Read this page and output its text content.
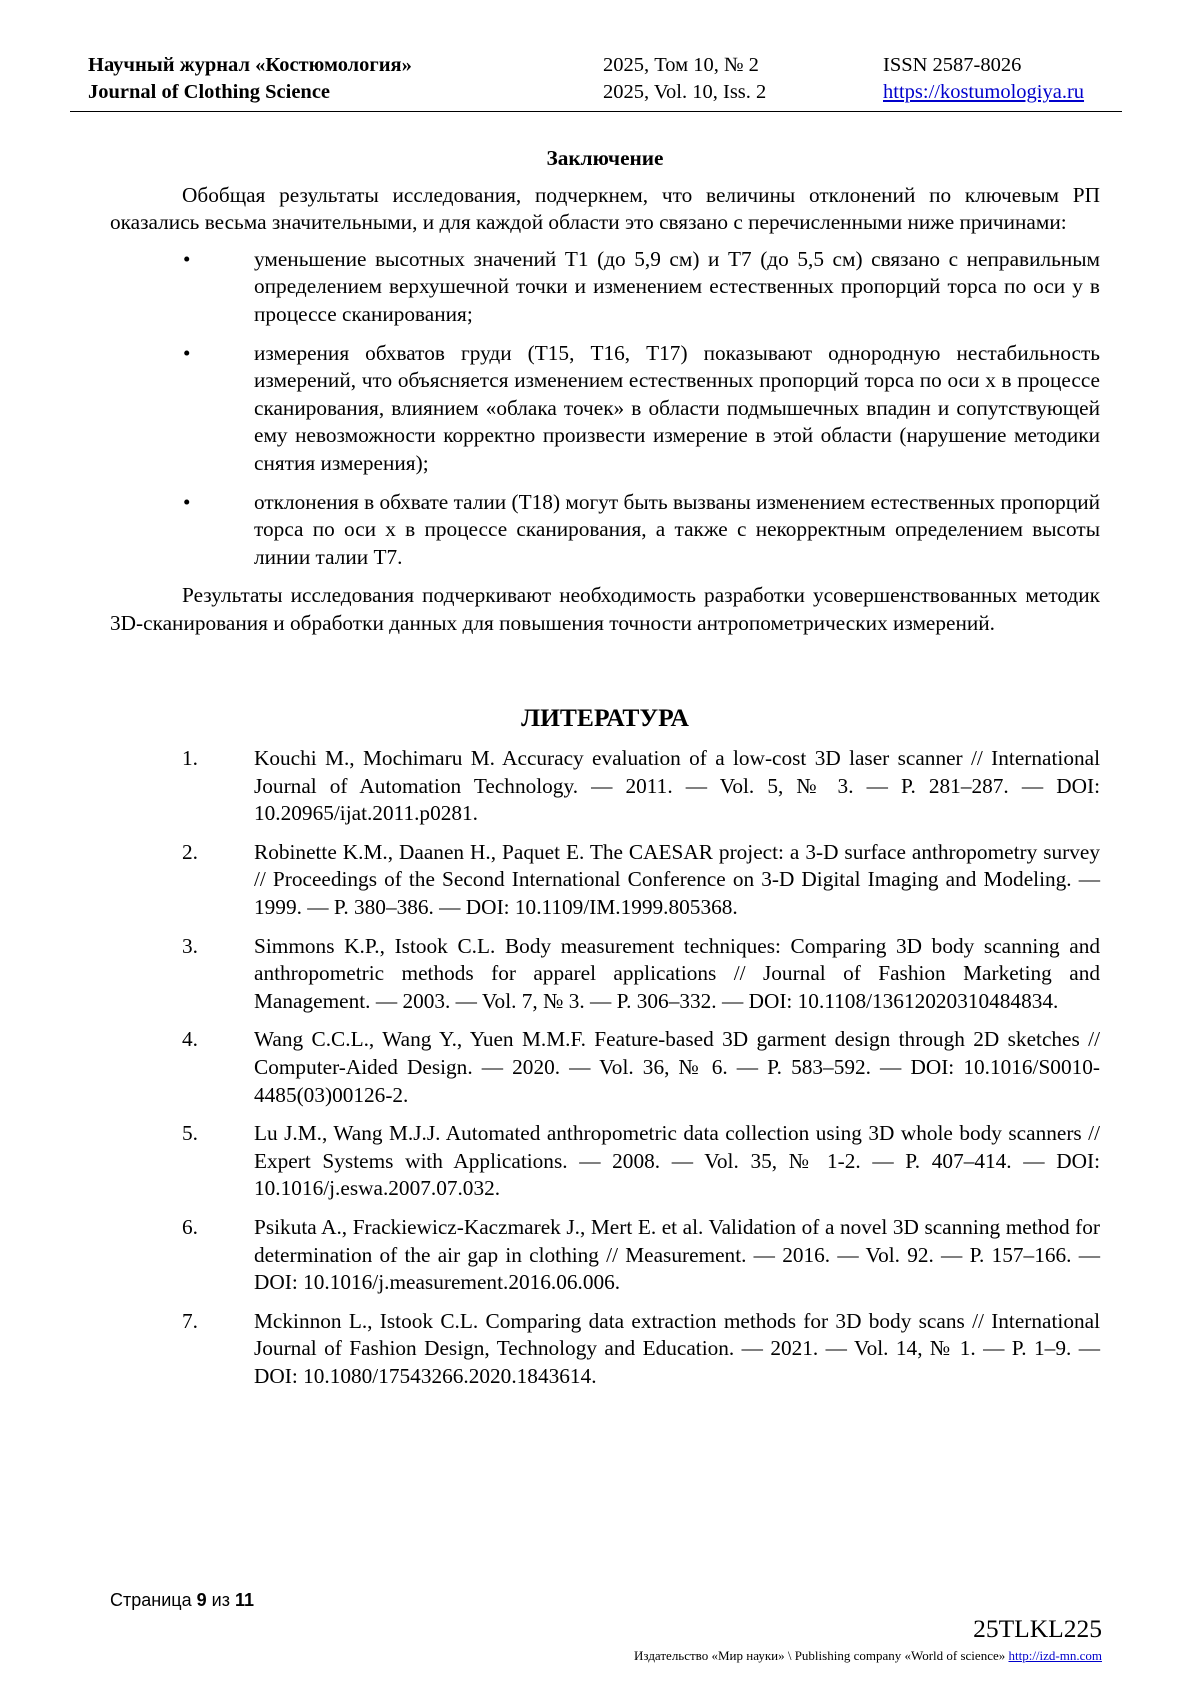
Научный журнал «Костюмология»
Journal of Clothing Science
2025, Том 10, № 2
2025, Vol. 10, Iss. 2
ISSN 2587-8026
https://kostumologiya.ru
Заключение

Обобщая результаты исследования, подчеркнем, что величины отклонений по ключевым РП оказались весьма значительными, и для каждой области это связано с перечисленными ниже причинами:

•	уменьшение высотных значений Т1 (до 5,9 см) и Т7 (до 5,5 см) связано с неправильным определением верхушечной точки и изменением естественных пропорций торса по оси y в процессе сканирования;
•	измерения обхватов груди (Т15, Т16, Т17) показывают однородную нестабильность измерений, что объясняется изменением естественных пропорций торса по оси x в процессе сканирования, влиянием «облака точек» в области подмышечных впадин и сопутствующей ему невозможности корректно произвести измерение в этой области (нарушение методики снятия измерения);
•	отклонения в обхвате талии (Т18) могут быть вызваны изменением естественных пропорций торса по оси x в процессе сканирования, а также с некорректным определением высоты линии талии Т7.

Результаты исследования подчеркивают необходимость разработки усовершенствованных методик 3D-сканирования и обработки данных для повышения точности антропометрических измерений.

ЛИТЕРАТУРА
1.	Kouchi M., Mochimaru M. Accuracy evaluation of a low-cost 3D laser scanner // International Journal of Automation Technology. — 2011. — Vol. 5, № 3. — P. 281–287. — DOI: 10.20965/ijat.2011.p0281.
2.	Robinette K.M., Daanen H., Paquet E. The CAESAR project: a 3-D surface anthropometry survey // Proceedings of the Second International Conference on 3-D Digital Imaging and Modeling. — 1999. — P. 380–386. — DOI: 10.1109/IM.1999.805368.
3.	Simmons K.P., Istook C.L. Body measurement techniques: Comparing 3D body scanning and anthropometric methods for apparel applications // Journal of Fashion Marketing and Management. — 2003. — Vol. 7, № 3. — P. 306–332. — DOI: 10.1108/13612020310484834.
4.	Wang C.C.L., Wang Y., Yuen M.M.F. Feature-based 3D garment design through 2D sketches // Computer-Aided Design. — 2020. — Vol. 36, № 6. — P. 583–592. — DOI: 10.1016/S0010-4485(03)00126-2.
5.	Lu J.M., Wang M.J.J. Automated anthropometric data collection using 3D whole body scanners // Expert Systems with Applications. — 2008. — Vol. 35, № 1-2. — P. 407–414. — DOI: 10.1016/j.eswa.2007.07.032.
6.	Psikuta A., Frackiewicz-Kaczmarek J., Mert E. et al. Validation of a novel 3D scanning method for determination of the air gap in clothing // Measurement. — 2016. — Vol. 92. — P. 157–166. — DOI: 10.1016/j.measurement.2016.06.006.
7.	Mckinnon L., Istook C.L. Comparing data extraction methods for 3D body scans // International Journal of Fashion Design, Technology and Education. — 2021. — Vol. 14, № 1. — P. 1–9. — DOI: 10.1080/17543266.2020.1843614.
Страница 9 из 11
25TLKL225
Издательство «Мир науки» \ Publishing company «World of science» http://izd-mn.com
